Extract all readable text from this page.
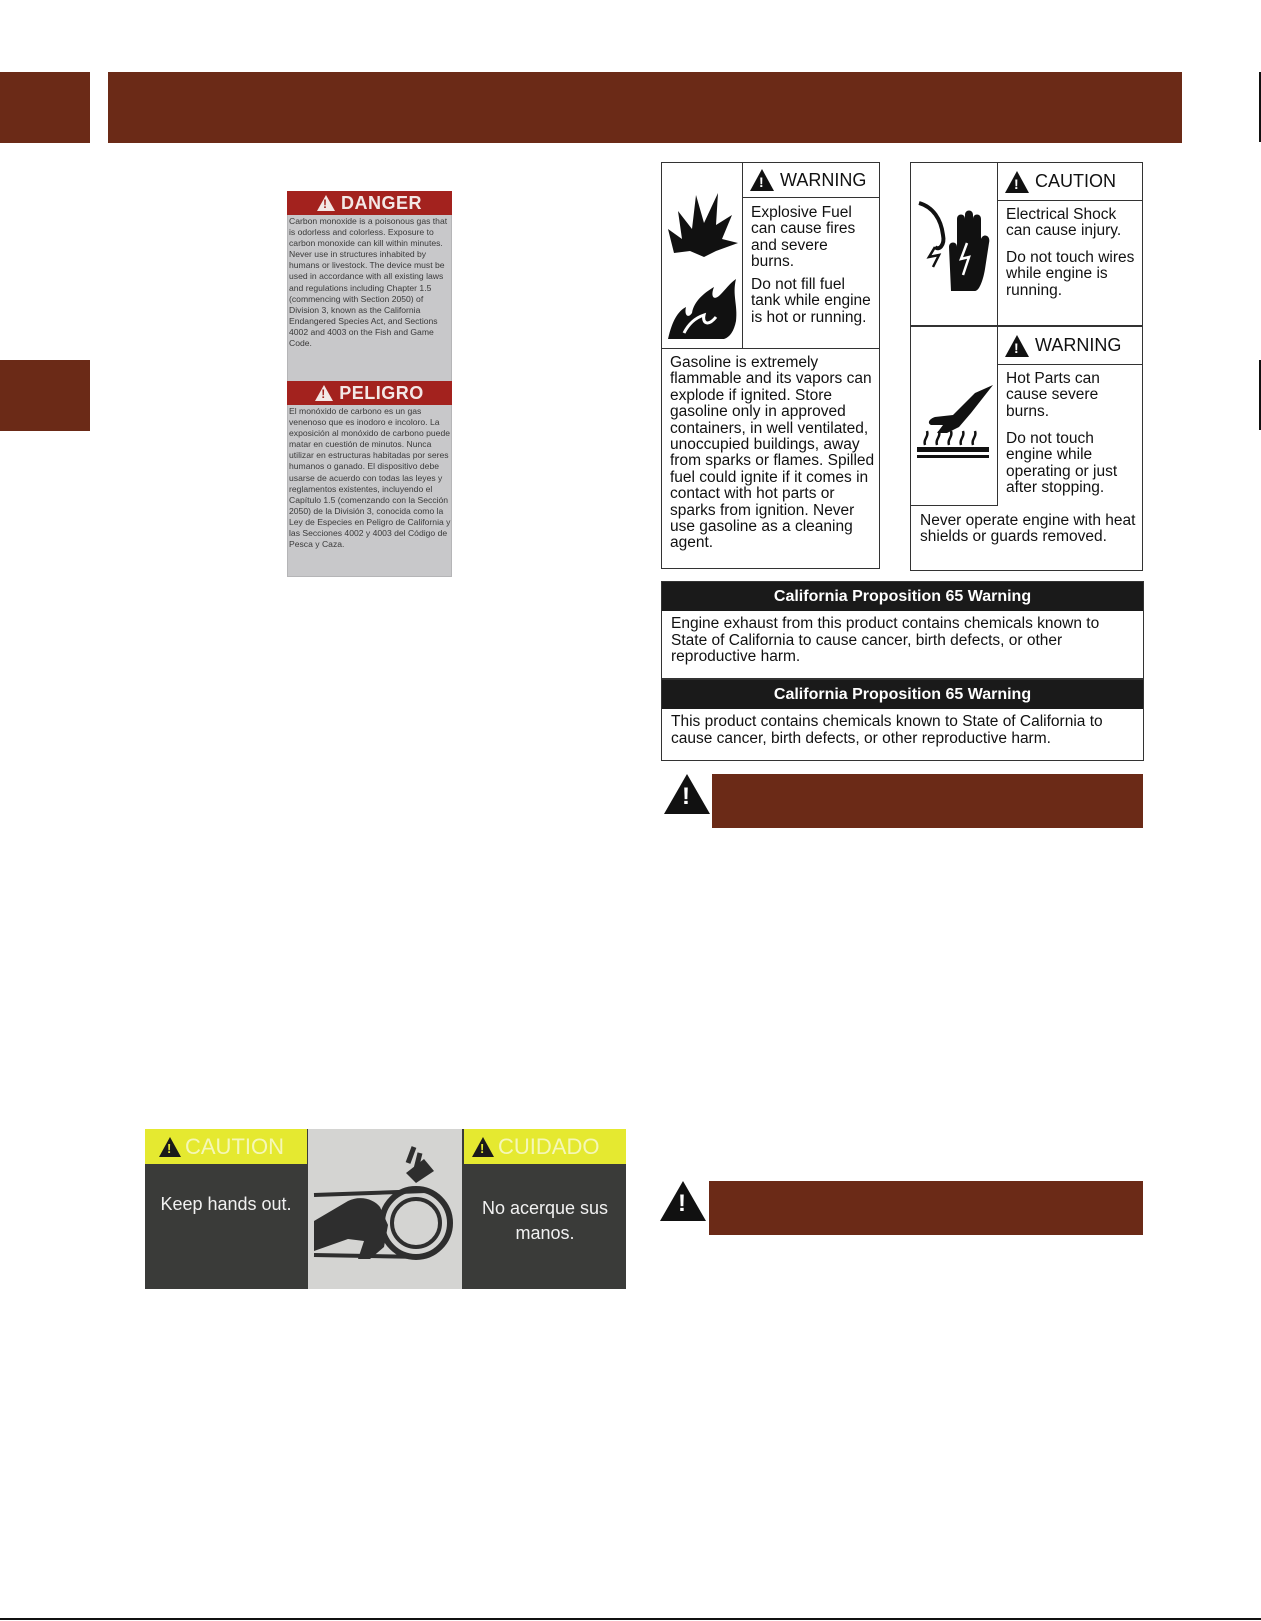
!
DANGER
Carbon monoxide is a poisonous gas that is odorless and colorless. Exposure to carbon monoxide can kill within minutes. Never use in structures inhabited by humans or livestock. The device must be used in accordance with all existing laws and regulations including Chapter 1.5 (commencing with Section 2050) of Division 3, known as the California Endangered Species Act, and Sections 4002 and 4003 on the Fish and Game Code.
!
PELIGRO
El monóxido de carbono es un gas venenoso que es inodoro e incoloro. La exposición al monóxido de carbono puede matar en cuestión de minutos. Nunca utilizar en estructuras habitadas por seres humanos o ganado. El dispositivo debe usarse de acuerdo con todas las leyes y reglamentos existentes, incluyendo el Capítulo 1.5 (comenzando con la Sección 2050) de la División 3, conocida como la Ley de Especies en Peligro de California y las Secciones 4002 y 4003 del Código de Pesca y Caza.
!
WARNING
Explosive Fuel can cause fires and severe burns.
Do not fill fuel tank while engine is hot or running.
Gasoline is extremely flammable and its vapors can explode if ignited. Store gasoline only in approved containers, in well ventilated, unoccupied buildings, away from sparks or flames. Spilled fuel could ignite if it comes in contact with hot parts or sparks from ignition. Never use gasoline as a cleaning agent.
!
CAUTION
Electrical Shock can cause injury.
Do not touch wires while engine is running.
!
WARNING
Hot Parts can cause severe burns.
Do not touch engine while operating or just after stopping.
Never operate engine with heat shields or guards removed.
California Proposition 65 Warning
Engine exhaust from this product contains chemicals known to State of California to cause cancer, birth defects, or other reproductive harm.
California Proposition 65 Warning
This product contains chemicals known to State of California to cause cancer, birth defects, or other reproductive harm.
!
!
!
CAUTION
Keep hands out.
!
CUIDADO
No acerque sus manos.
